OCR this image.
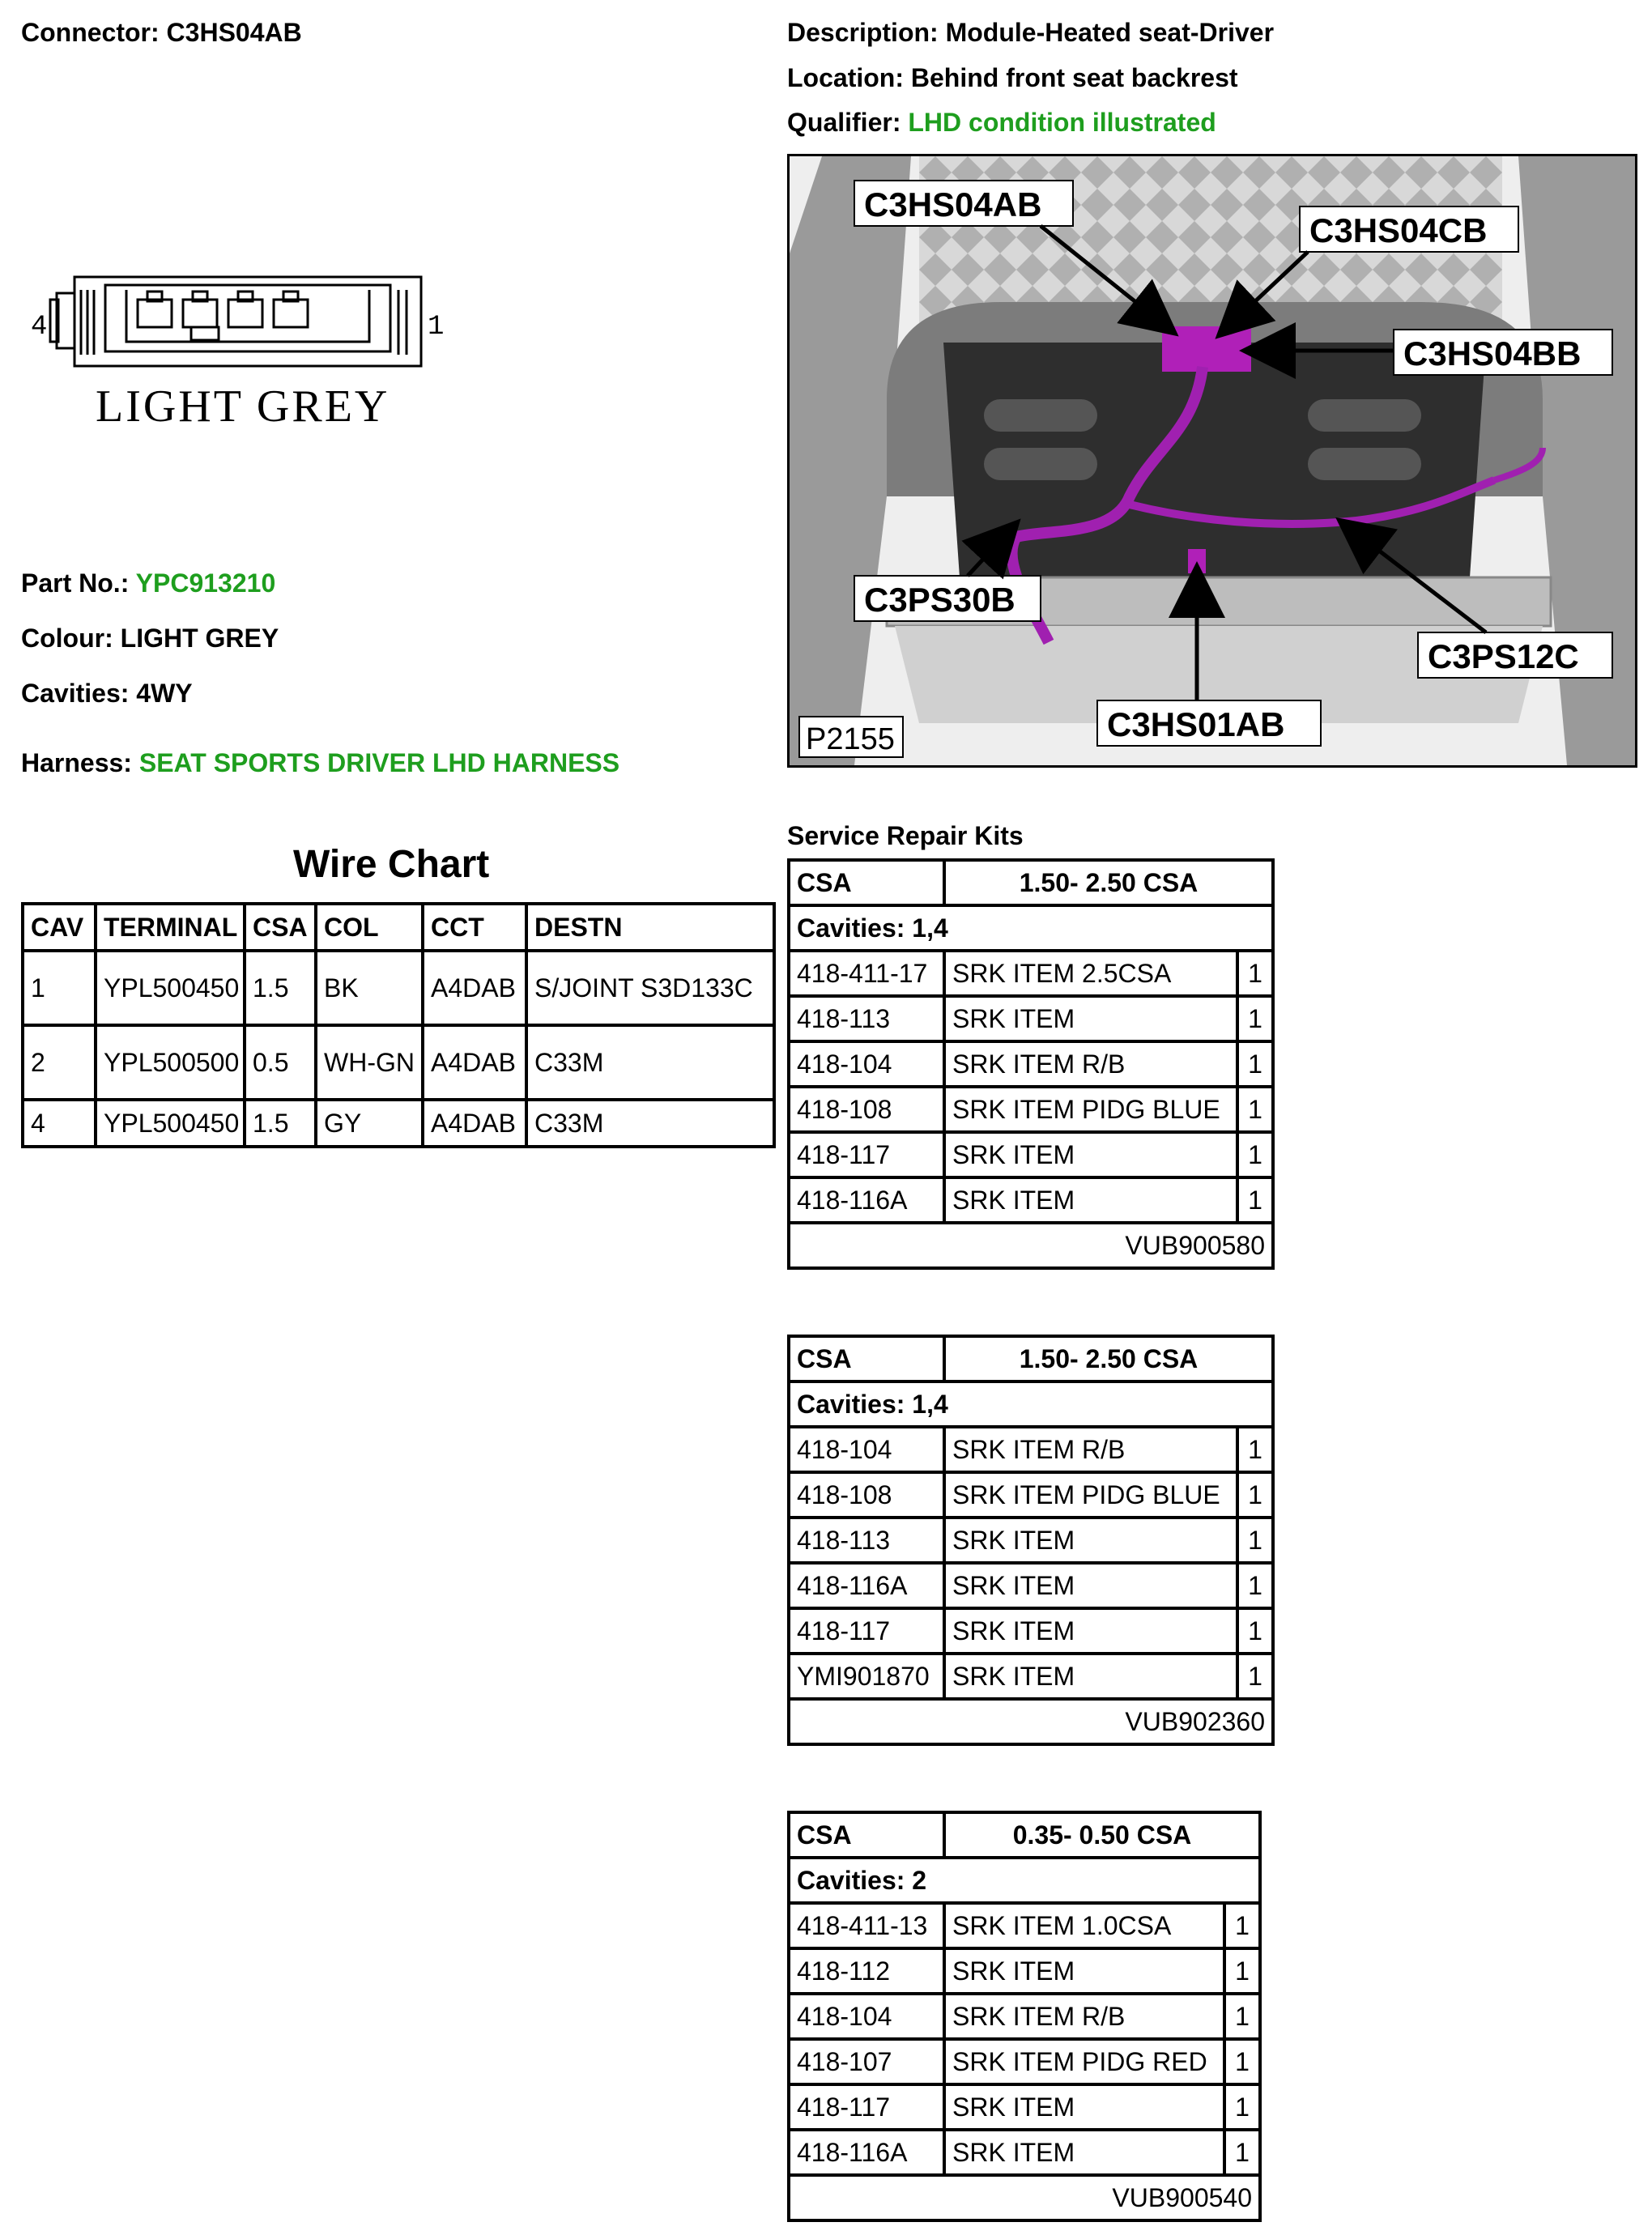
Connector: C3HS04AB	Description: Module-Heated seat-Driver
Location: Behind front seat backrest
Qualifier: LHD condition illustrated
4	1
LIGHT GREY
Part No.: YPC913210
Colour: LIGHT GREY
Cavities: 4WY
Harness: SEAT SPORTS DRIVER LHD HARNESS
C3HS04AB
C3HS04CB
C3HS04BB
C3PS30B
C3PS12C
C3HS01AB
P2155
Wire Chart
CAV	TERMINAL	CSA	COL	CCT	DESTN
1	YPL500450	1.5	BK	A4DAB	S/JOINT S3D133C
2	YPL500500	0.5	WH-GN	A4DAB	C33M
4	YPL500450	1.5	GY	A4DAB	C33M
Service Repair Kits
CSA	1.50- 2.50 CSA	
Cavities: 1,4		
418-411-17	SRK ITEM 2.5CSA	1
418-113	SRK ITEM	1
418-104	SRK ITEM R/B	1
418-108	SRK ITEM PIDG BLUE	1
418-117	SRK ITEM	1
418-116A	SRK ITEM	1
VUB900580		
CSA	1.50- 2.50 CSA	
Cavities: 1,4		
418-104	SRK ITEM R/B	1
418-108	SRK ITEM PIDG BLUE	1
418-113	SRK ITEM	1
418-116A	SRK ITEM	1
418-117	SRK ITEM	1
YMI901870	SRK ITEM	1
VUB902360		
CSA	0.35- 0.50 CSA	
Cavities: 2		
418-411-13	SRK ITEM 1.0CSA	1
418-112	SRK ITEM	1
418-104	SRK ITEM R/B	1
418-107	SRK ITEM PIDG RED	1
418-117	SRK ITEM	1
418-116A	SRK ITEM	1
VUB900540		
